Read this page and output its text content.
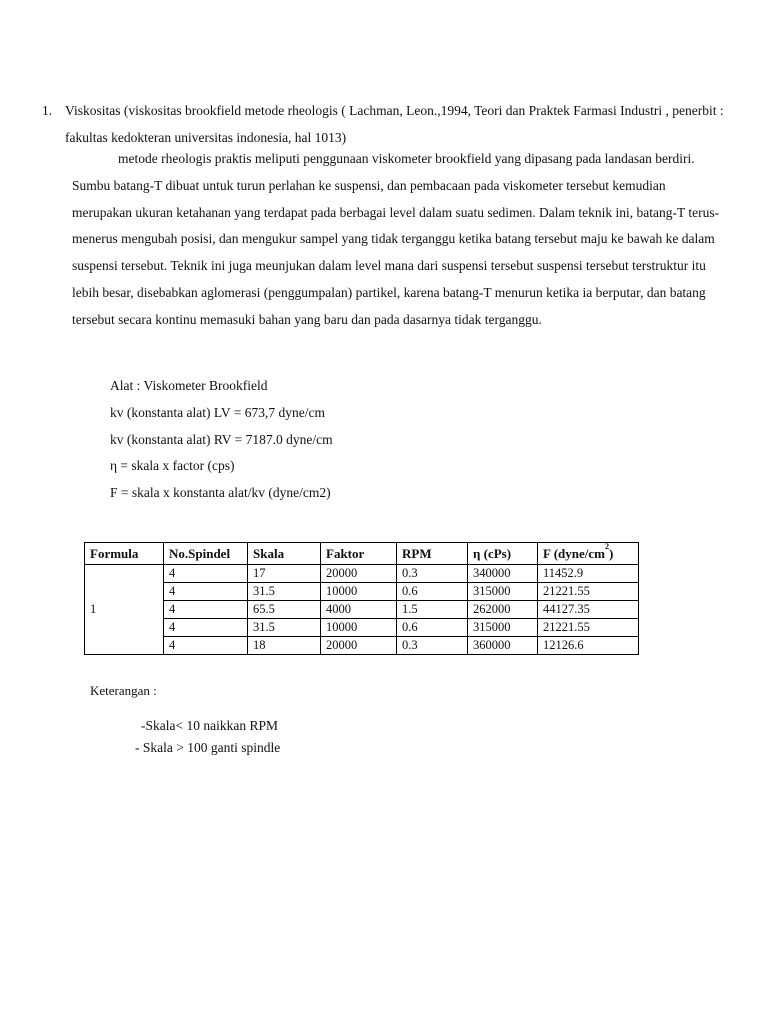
1. Viskositas (viskositas brookfield metode rheologis ( Lachman, Leon.,1994, Teori dan Praktek Farmasi Industri , penerbit : fakultas kedokteran universitas indonesia, hal 1013)

metode rheologis praktis meliputi penggunaan viskometer brookfield yang dipasang pada landasan berdiri. Sumbu batang-T dibuat untuk turun perlahan ke suspensi, dan pembacaan pada viskometer tersebut kemudian merupakan ukuran ketahanan yang terdapat pada berbagai level dalam suatu sedimen. Dalam teknik ini, batang-T terus-menerus mengubah posisi, dan mengukur sampel yang tidak terganggu ketika batang tersebut maju ke bawah ke dalam suspensi tersebut. Teknik ini juga meunjukan dalam level mana dari suspensi tersebut suspensi tersebut terstruktur itu lebih besar, disebabkan aglomerasi (penggumpalan) partikel, karena batang-T menurun ketika ia berputar, dan batang tersebut secara kontinu memasuki bahan yang baru dan pada dasarnya tidak terganggu.

Alat : Viskometer Brookfield
kv (konstanta alat) LV = 673,7 dyne/cm
kv (konstanta alat) RV = 7187.0 dyne/cm
η = skala x factor (cps)
F = skala x konstanta alat/kv (dyne/cm2)
Formula	No.Spindel	Skala	Faktor	RPM	η (cPs)	F $(dyne/cm^2)$
1	4	17	20000	0.3	340000	11452.9
	4	31.5	10000	0.6	315000	21221.55
	4	65.5	4000	1.5	262000	44127.35
	4	31.5	10000	0.6	315000	21221.55
	4	18	20000	0.3	360000	12126.6
Keterangan :
-Skala< 10 naikkan RPM
- Skala > 100 ganti spindle
